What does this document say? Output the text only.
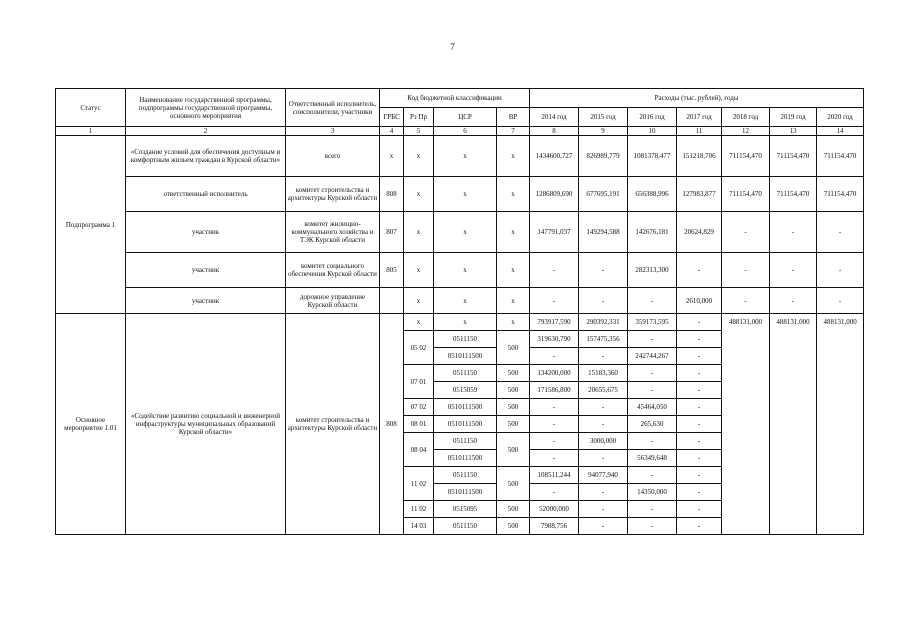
7
Статус	Наименование государственной программы, подпрограммы государственной программы, основного мероприятия	Ответственный исполнитель, соисполнители, участники	Код бюджетной классификации				Расходы (тыс. рублей), годы						
			ГРБС	Рз Пр	ЦСР	ВР	2014 год	2015 год	2016 год	2017 год	2018 год	2019 год	2020 год
1	2	3	4	5	6	7	8	9	10	11	12	13	14
Подпрограмма 1	«Создание условий для обеспечения доступным и комфортным жильем граждан в Курской области»	всего	х	х	х	х	1434600,727	826989,779	1081378,477	151218,706	711154,470	711154,470	711154,470
	ответственный исполнитель	комитет строительства и архитектуры Курской области	808	х	х	х	1286809,690	677695,191	656388,996	127983,877	711154,470	711154,470	711154,470
	участник	комитет жилищно-коммунального хозяйства и ТЭК Курской области	807	х	х	х	147791,037	149294,588	142676,181	20624,829	-	-	-
	участник	комитет социального обеспечения Курской области	805	х	х	х	-	-	282313,300	-	-	-	-
	участник	дорожное управление Курской области		х	х	х	-	-	-	2610,000	-	-	-
Основное мероприятие 1.01	«Содействие развитию социальной и инженерной инфраструктуры муниципальных образований Курской области»	комитет строительства и архитектуры Курской области	808	х	х	х	793917,590	290392,331	359173,595	-	488131,000	488131,000	488131,000
				05 02	0511150	500	319630,790	157475,356	-	-			
					0510111500		-	-	242744,267	-			
				07 01	0511150	500	134200,000	15183,360	-	-			
					0515059	500	171586,800	20655,675	-	-			
				07 02	0510111500	500	-	-	45464,050	-			
				08 01	0510111500	500	-	-	265,630	-			
				08 04	0511150	500	-	3000,000	-	-			
					0510111500		-	-	56349,648	-			
				11 02	0511150	500	108511,244	94077,940	-	-			
					0510111500		-	-	14350,000	-			
				11 02	0515095	500	52000,000	-	-	-			
				14 03	0511150	500	7988,756	-	-	-			
